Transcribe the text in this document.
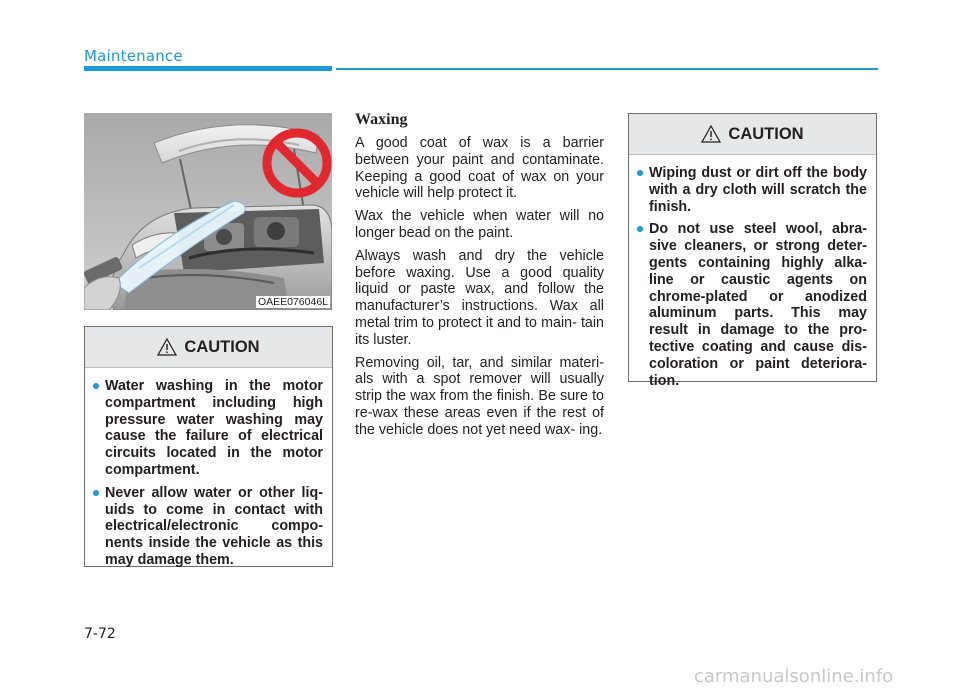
Maintenance
OAEE076046L
CAUTION
Water washing in the motor compartment including high pressure water washing may cause the failure of electrical circuits located in the motor compartment.
Never allow water or other liq- uids to come in contact with electrical/electronic compo- nents inside the vehicle as this may damage them.
Waxing

A good coat of wax is a barrier between your paint and contaminate. Keeping a good coat of wax on your vehicle will help protect it.

Wax the vehicle when water will no longer bead on the paint.

Always wash and dry the vehicle before waxing. Use a good quality liquid or paste wax, and follow the manufacturer’s instructions. Wax all metal trim to protect it and to main- tain its luster.

Removing oil, tar, and similar materi- als with a spot remover will usually strip the wax from the finish. Be sure to re-wax these areas even if the rest of the vehicle does not yet need wax- ing.

CAUTION
Wiping dust or dirt off the body with a dry cloth will scratch the finish.
Do not use steel wool, abra- sive cleaners, or strong deter- gents containing highly alka- line or caustic agents on chrome-plated or anodized aluminum parts. This may result in damage to the pro- tective coating and cause dis- coloration or paint deteriora- tion.
7-72
carmanualsonline.info
